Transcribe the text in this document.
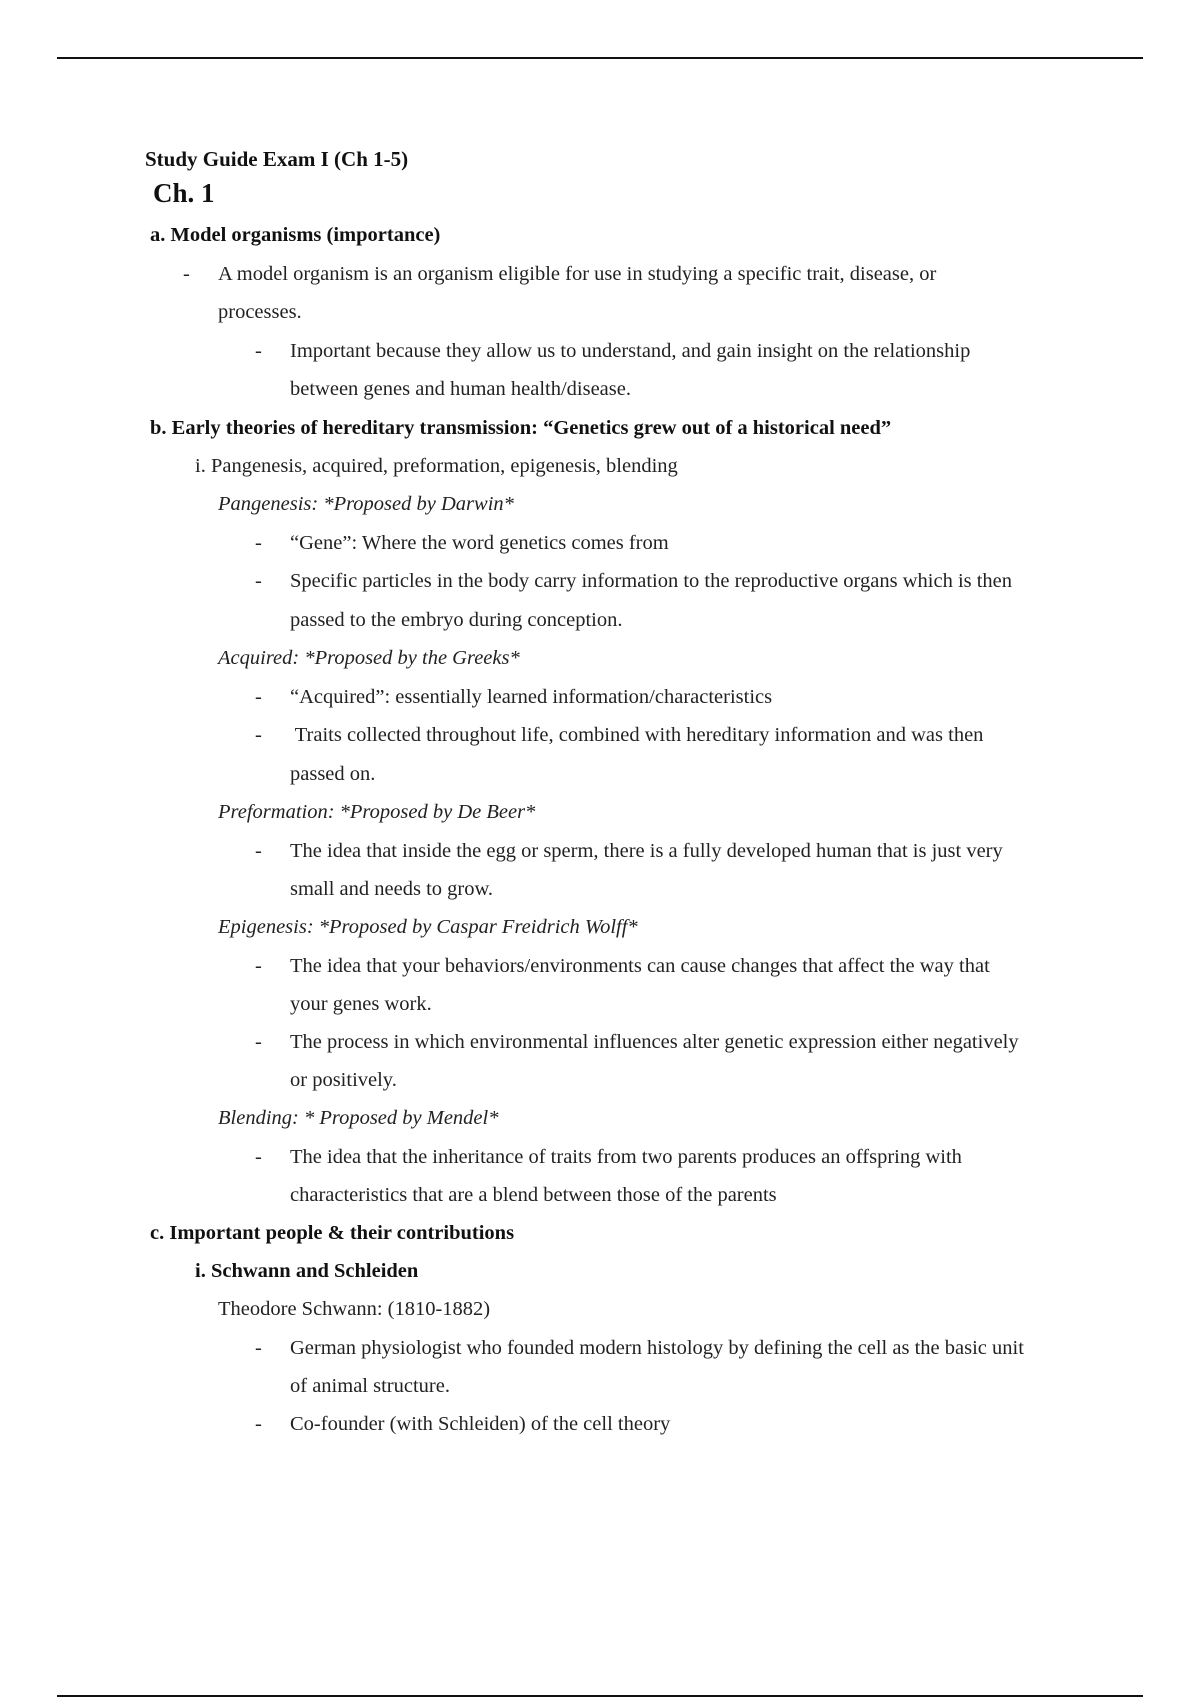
Study Guide Exam I (Ch 1-5)
Ch. 1
a. Model organisms (importance)
- A model organism is an organism eligible for use in studying a specific trait, disease, or
processes.
- Important because they allow us to understand, and gain insight on the relationship
between genes and human health/disease.
b. Early theories of hereditary transmission: “Genetics grew out of a historical need”
i. Pangenesis, acquired, preformation, epigenesis, blending
Pangenesis: *Proposed by Darwin*
- “Gene”: Where the word genetics comes from
- Specific particles in the body carry information to the reproductive organs which is then
passed to the embryo during conception.
Acquired: *Proposed by the Greeks*
- “Acquired”: essentially learned information/characteristics
- Traits collected throughout life, combined with hereditary information and was then
passed on.
Preformation: *Proposed by De Beer*
- The idea that inside the egg or sperm, there is a fully developed human that is just very
small and needs to grow.
Epigenesis: *Proposed by Caspar Freidrich Wolff*
- The idea that your behaviors/environments can cause changes that affect the way that
your genes work.
- The process in which environmental influences alter genetic expression either negatively
or positively.
Blending: * Proposed by Mendel*
- The idea that the inheritance of traits from two parents produces an offspring with
characteristics that are a blend between those of the parents
c. Important people & their contributions
i. Schwann and Schleiden
Theodore Schwann: (1810-1882)
- German physiologist who founded modern histology by defining the cell as the basic unit
of animal structure.
- Co-founder (with Schleiden) of the cell theory
